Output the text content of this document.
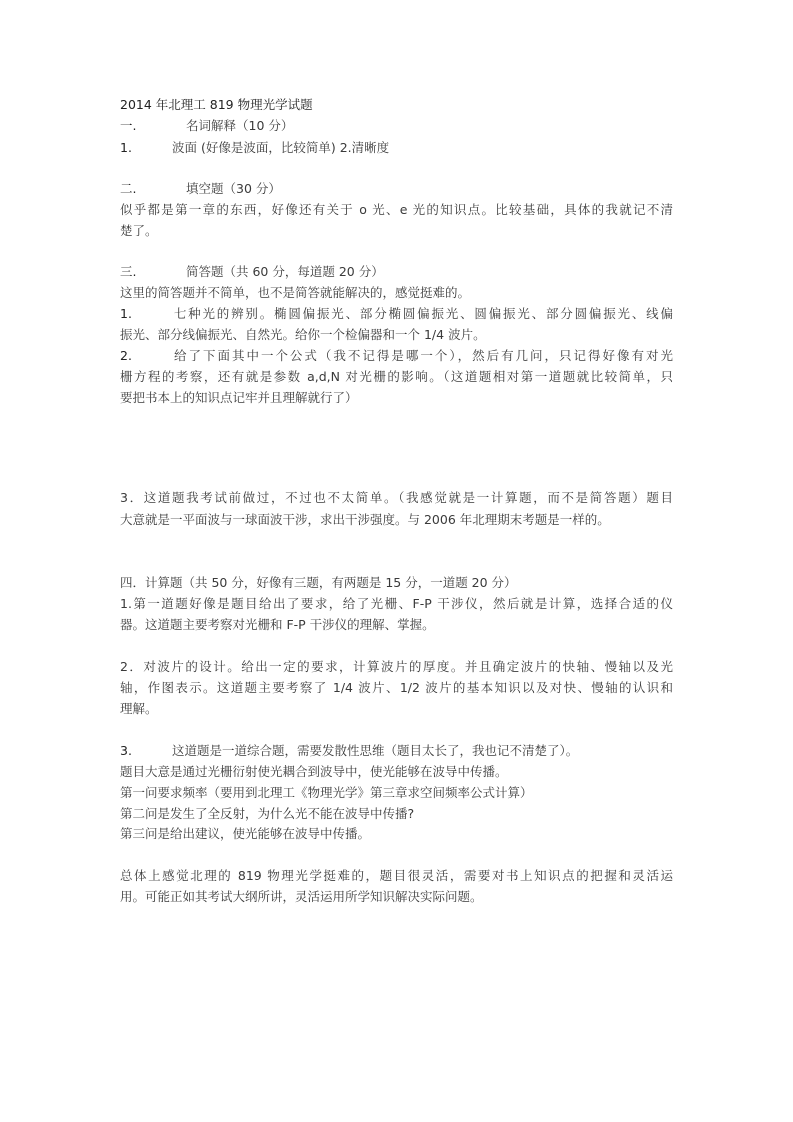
2014 年北理工 819 物理光学试题
一.	名词解释（10 分）
1.	波面 (好像是波面，比较简单) 2.清晰度
二.	填空题（30 分）
似乎都是第一章的东西，好像还有关于 o 光、e 光的知识点。比较基础，具体的我就记不清
楚了。
三.	简答题（共 60 分，每道题 20 分）
这里的简答题并不简单，也不是简答就能解决的，感觉挺难的。
1.	七种光的辨别。椭圆偏振光、部分椭圆偏振光、圆偏振光、部分圆偏振光、线偏
振光、部分线偏振光、自然光。给你一个检偏器和一个 1/4 波片。
2.	给了下面其中一个公式（我不记得是哪一个），然后有几问，只记得好像有对光
栅方程的考察，还有就是参数 a,d,N 对光栅的影响。（这道题相对第一道题就比较简单，只
要把书本上的知识点记牢并且理解就行了）
3．这道题我考试前做过，不过也不太简单。（我感觉就是一计算题，而不是简答题）题目
大意就是一平面波与一球面波干涉，求出干涉强度。与 2006 年北理期末考题是一样的。
四．计算题（共 50 分，好像有三题，有两题是 15 分，一道题 20 分）
1.第一道题好像是题目给出了要求，给了光栅、F-P 干涉仪，然后就是计算，选择合适的仪
器。这道题主要考察对光栅和 F-P 干涉仪的理解、掌握。
2．对波片的设计。给出一定的要求，计算波片的厚度。并且确定波片的快轴、慢轴以及光
轴，作图表示。这道题主要考察了 1/4 波片、1/2 波片的基本知识以及对快、慢轴的认识和
理解。
3.	这道题是一道综合题，需要发散性思维（题目太长了，我也记不清楚了）。
题目大意是通过光栅衍射使光耦合到波导中，使光能够在波导中传播。
第一问要求频率（要用到北理工《物理光学》第三章求空间频率公式计算）
第二问是发生了全反射，为什么光不能在波导中传播?
第三问是给出建议，使光能够在波导中传播。
总体上感觉北理的 819 物理光学挺难的，题目很灵活，需要对书上知识点的把握和灵活运
用。可能正如其考试大纲所讲，灵活运用所学知识解决实际问题。
